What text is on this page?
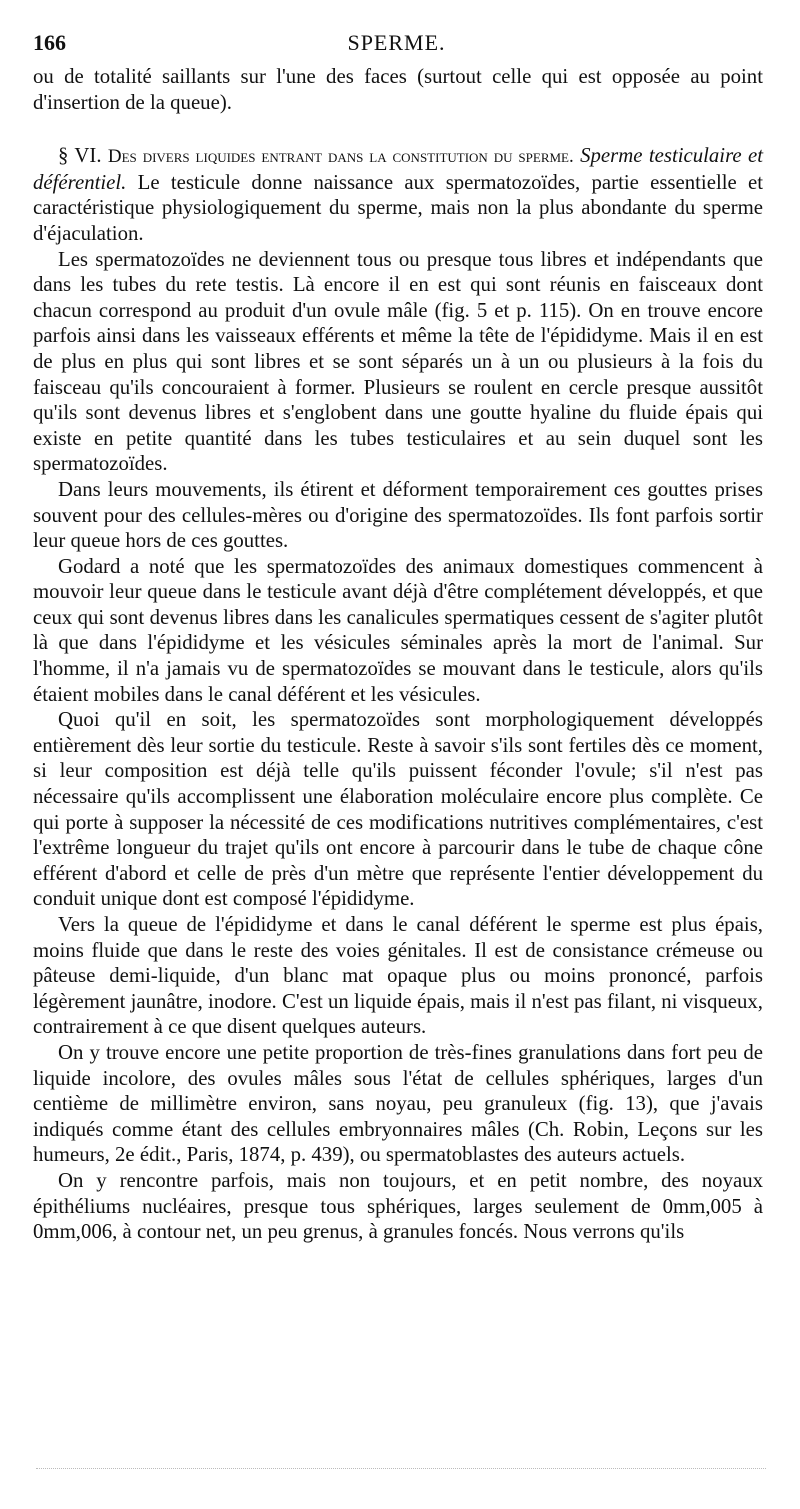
166	SPERME.

ou de totalité saillants sur l'une des faces (surtout celle qui est opposée au point d'insertion de la queue).

§ VI. Des divers liquides entrant dans la constitution du sperme. Sperme testiculaire et déférentiel. Le testicule donne naissance aux spermatozoïdes, partie essentielle et caractéristique physiologiquement du sperme, mais non la plus abondante du sperme d'éjaculation.

Les spermatozoïdes ne deviennent tous ou presque tous libres et indépendants que dans les tubes du rete testis. Là encore il en est qui sont réunis en faisceaux dont chacun correspond au produit d'un ovule mâle (fig. 5 et p. 115). On en trouve encore parfois ainsi dans les vaisseaux efférents et même la tête de l'épididyme. Mais il en est de plus en plus qui sont libres et se sont séparés un à un ou plusieurs à la fois du faisceau qu'ils concouraient à former. Plusieurs se roulent en cercle presque aussitôt qu'ils sont devenus libres et s'englobent dans une goutte hyaline du fluide épais qui existe en petite quantité dans les tubes testiculaires et au sein duquel sont les spermatozoïdes.

Dans leurs mouvements, ils étirent et déforment temporairement ces gouttes prises souvent pour des cellules-mères ou d'origine des spermatozoïdes. Ils font parfois sortir leur queue hors de ces gouttes.

Godard a noté que les spermatozoïdes des animaux domestiques commencent à mouvoir leur queue dans le testicule avant déjà d'être complétement développés, et que ceux qui sont devenus libres dans les canalicules spermatiques cessent de s'agiter plutôt là que dans l'épididyme et les vésicules séminales après la mort de l'animal. Sur l'homme, il n'a jamais vu de spermatozoïdes se mouvant dans le testicule, alors qu'ils étaient mobiles dans le canal déférent et les vésicules.

Quoi qu'il en soit, les spermatozoïdes sont morphologiquement développés entièrement dès leur sortie du testicule. Reste à savoir s'ils sont fertiles dès ce moment, si leur composition est déjà telle qu'ils puissent féconder l'ovule; s'il n'est pas nécessaire qu'ils accomplissent une élaboration moléculaire encore plus complète. Ce qui porte à supposer la nécessité de ces modifications nutritives complémentaires, c'est l'extrême longueur du trajet qu'ils ont encore à parcourir dans le tube de chaque cône efférent d'abord et celle de près d'un mètre que représente l'entier développement du conduit unique dont est composé l'épididyme.

Vers la queue de l'épididyme et dans le canal déférent le sperme est plus épais, moins fluide que dans le reste des voies génitales. Il est de consistance crémeuse ou pâteuse demi-liquide, d'un blanc mat opaque plus ou moins prononcé, parfois légèrement jaunâtre, inodore. C'est un liquide épais, mais il n'est pas filant, ni visqueux, contrairement à ce que disent quelques auteurs.

On y trouve encore une petite proportion de très-fines granulations dans fort peu de liquide incolore, des ovules mâles sous l'état de cellules sphériques, larges d'un centième de millimètre environ, sans noyau, peu granuleux (fig. 13), que j'avais indiqués comme étant des cellules embryonnaires mâles (Ch. Robin, Leçons sur les humeurs, 2e édit., Paris, 1874, p. 439), ou spermatoblastes des auteurs actuels.

On y rencontre parfois, mais non toujours, et en petit nombre, des noyaux épithéliums nucléaires, presque tous sphériques, larges seulement de 0mm,005 à 0mm,006, à contour net, un peu grenus, à granules foncés. Nous verrons qu'ils
